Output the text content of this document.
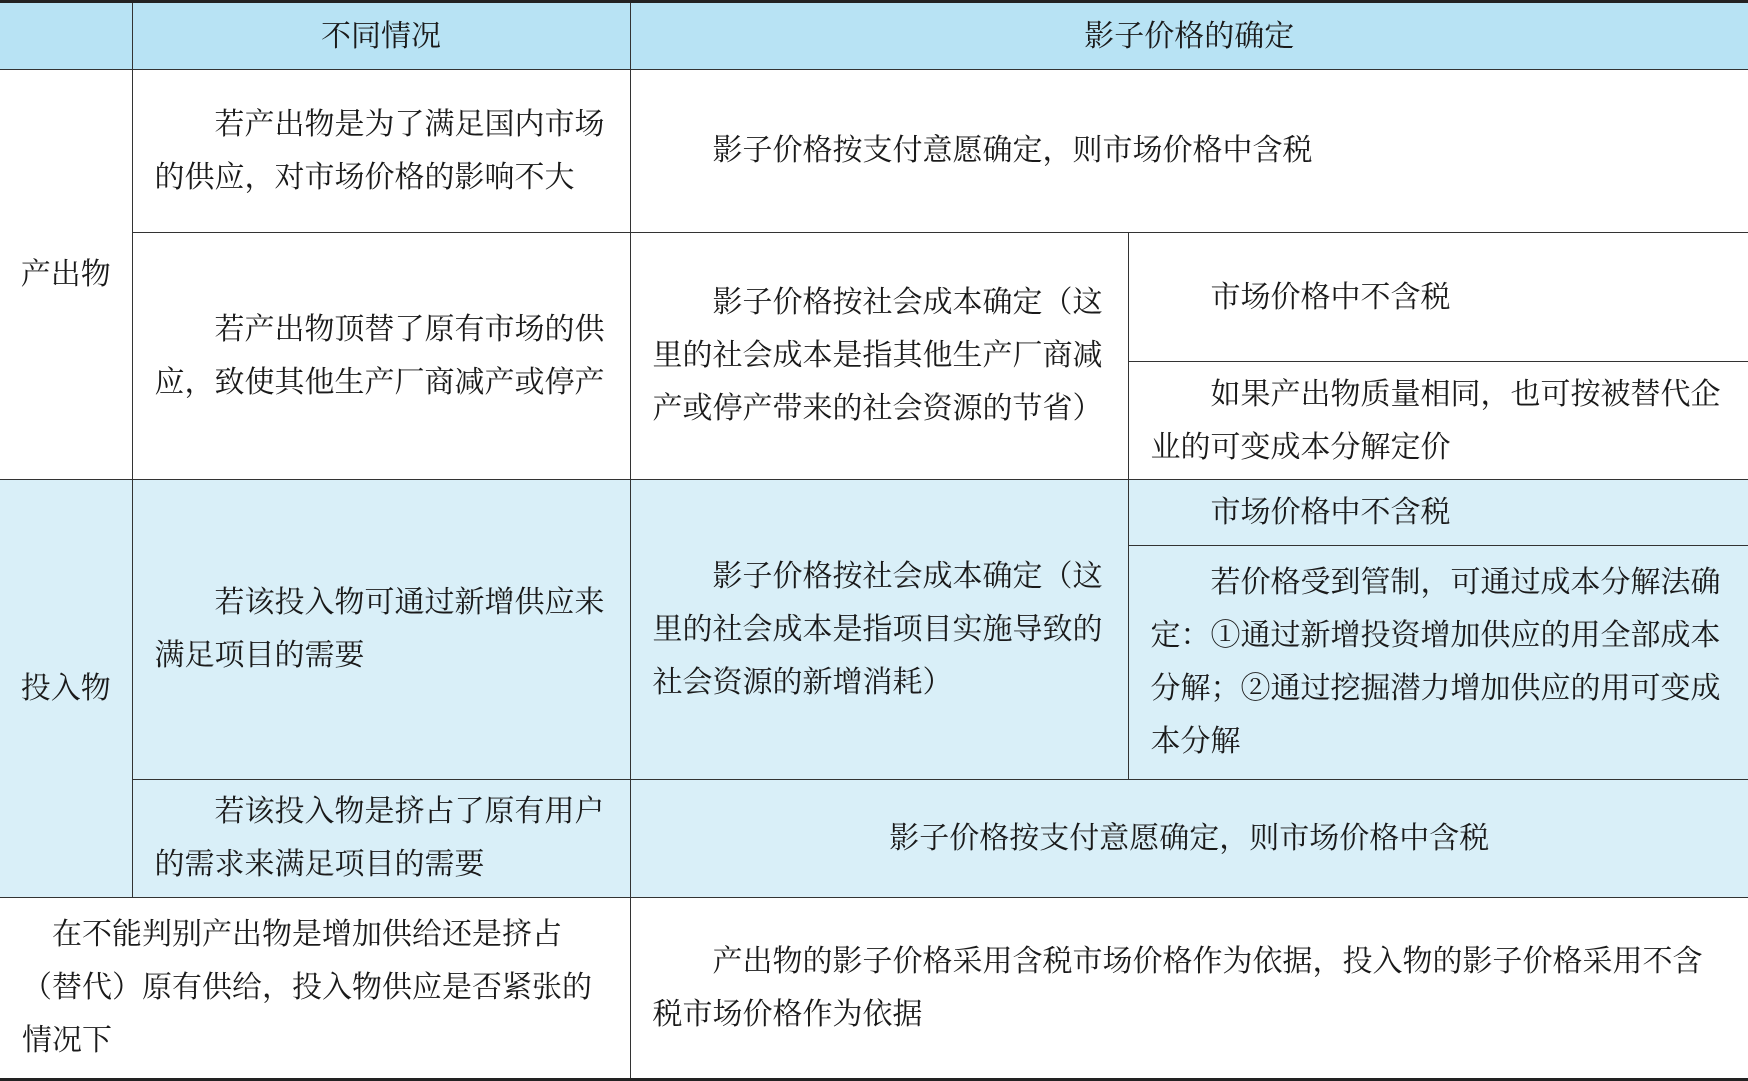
	不同情况	影子价格的确定	
产出物	若产出物是为了满足国内市场的供应，对市场价格的影响不大	影子价格按支付意愿确定，则市场价格中含税	
	若产出物顶替了原有市场的供应，致使其他生产厂商减产或停产	影子价格按社会成本确定（这里的社会成本是指其他生产厂商减产或停产带来的社会资源的节省）	市场价格中不含税
			如果产出物质量相同，也可按被替代企业的可变成本分解定价
投入物	若该投入物可通过新增供应来满足项目的需要	影子价格按社会成本确定（这里的社会成本是指项目实施导致的社会资源的新增消耗）	市场价格中不含税
			若价格受到管制，可通过成本分解法确定：①通过新增投资增加供应的用全部成本分解；②通过挖掘潜力增加供应的用可变成本分解
	若该投入物是挤占了原有用户的需求来满足项目的需要	影子价格按支付意愿确定，则市场价格中含税	
在不能判别产出物是增加供给还是挤占（替代）原有供给，投入物供应是否紧张的情况下		产出物的影子价格采用含税市场价格作为依据，投入物的影子价格采用不含税市场价格作为依据	
